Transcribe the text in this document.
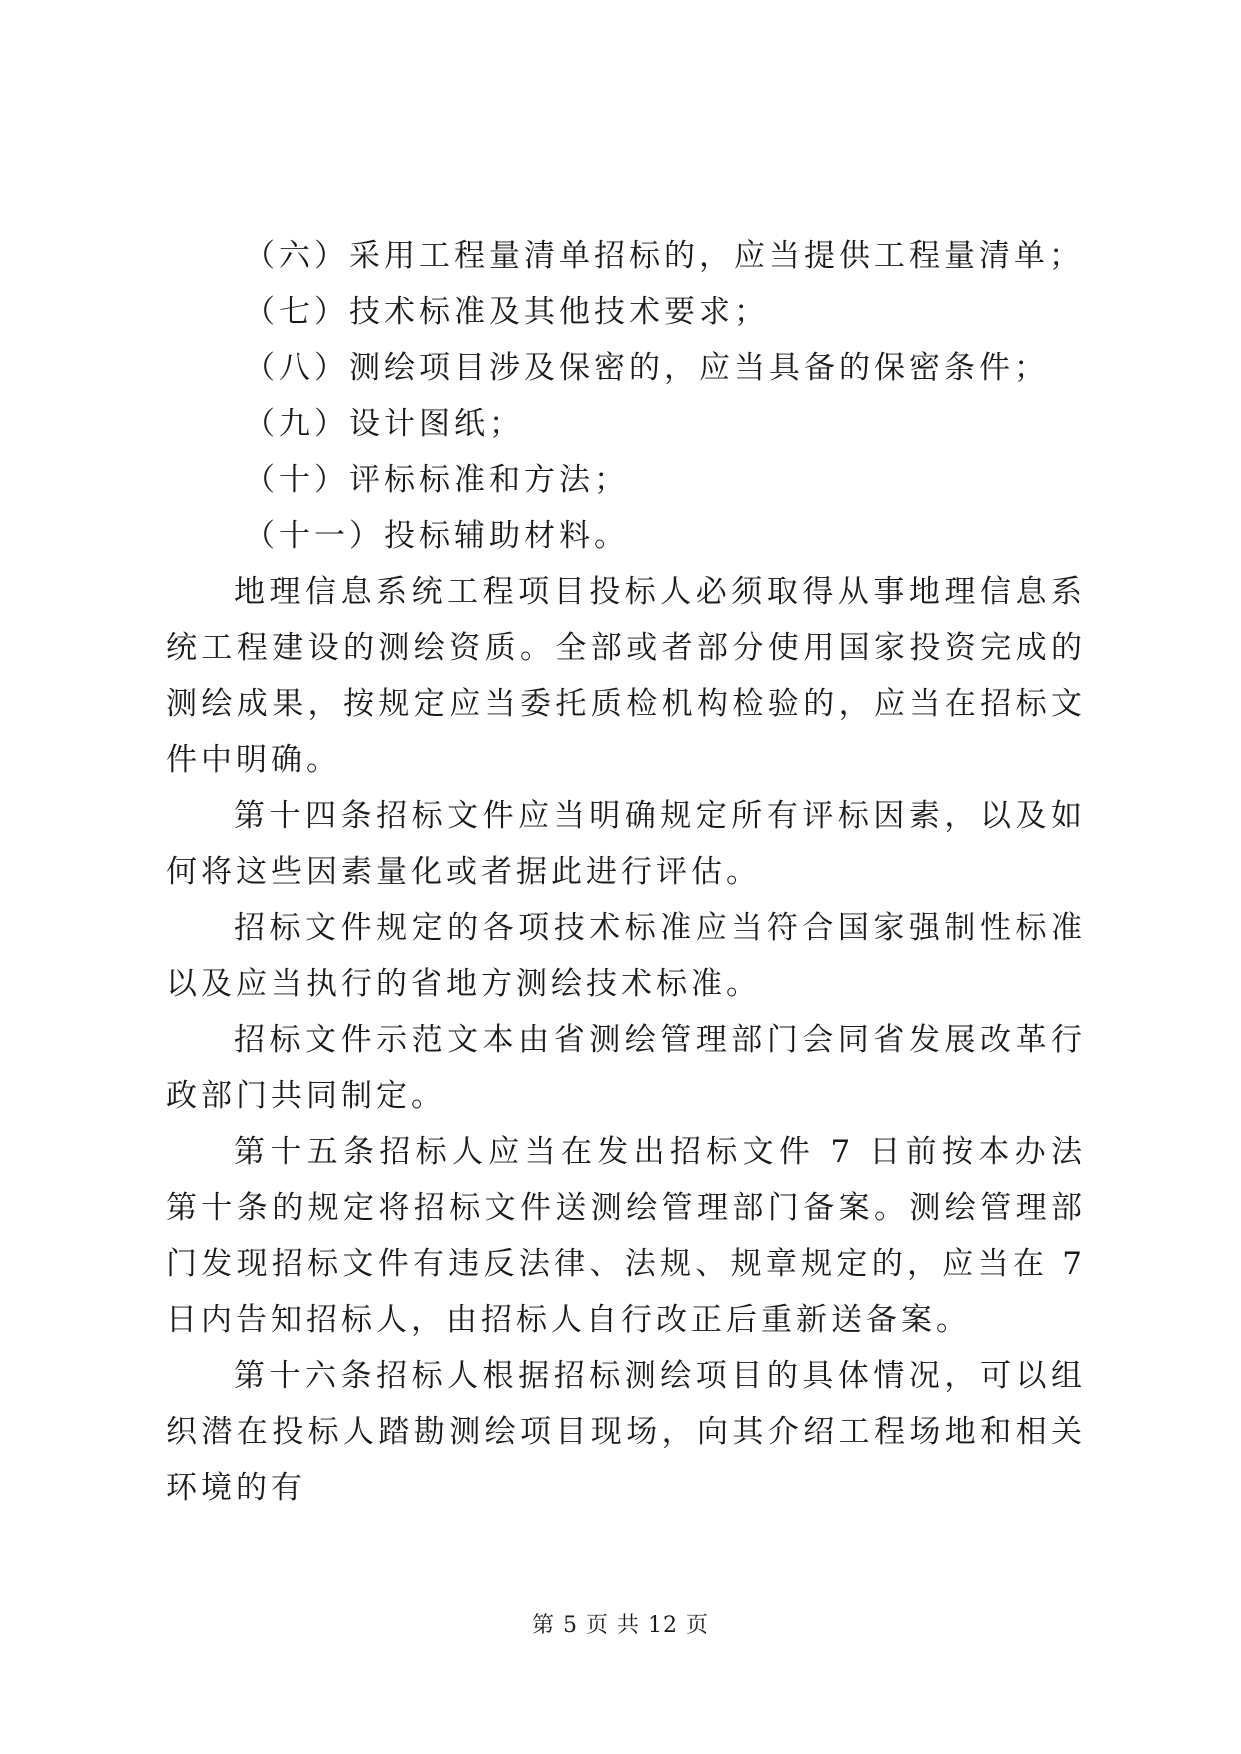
（六）采用工程量清单招标的，应当提供工程量清单；

（七）技术标准及其他技术要求；

（八）测绘项目涉及保密的，应当具备的保密条件；

（九）设计图纸；

（十）评标标准和方法；

（十一）投标辅助材料。

地理信息系统工程项目投标人必须取得从事地理信息系统工程建设的测绘资质。全部或者部分使用国家投资完成的测绘成果，按规定应当委托质检机构检验的，应当在招标文件中明确。

第十四条招标文件应当明确规定所有评标因素，以及如何将这些因素量化或者据此进行评估。

招标文件规定的各项技术标准应当符合国家强制性标准以及应当执行的省地方测绘技术标准。

招标文件示范文本由省测绘管理部门会同省发展改革行政部门共同制定。

第十五条招标人应当在发出招标文件 7 日前按本办法第十条的规定将招标文件送测绘管理部门备案。测绘管理部门发现招标文件有违反法律、法规、规章规定的，应当在 7 日内告知招标人，由招标人自行改正后重新送备案。

第十六条招标人根据招标测绘项目的具体情况，可以组织潜在投标人踏勘测绘项目现场，向其介绍工程场地和相关环境的有

第 5 页 共 12 页
